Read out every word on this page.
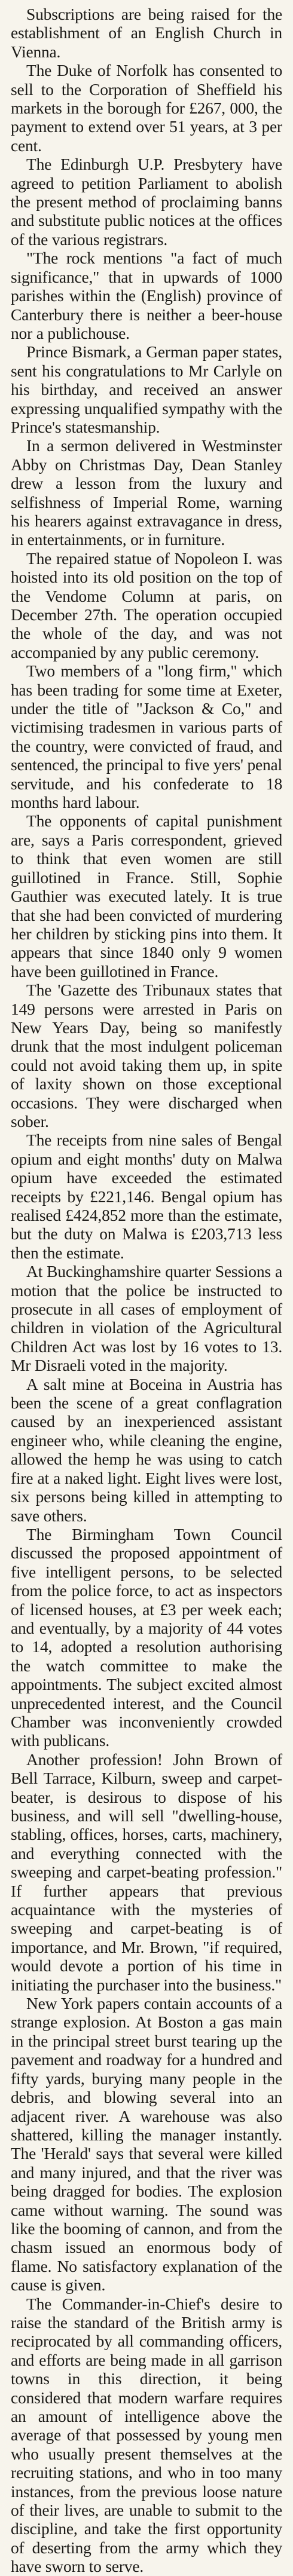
Subscriptions are being raised for the establishment of an English Church in Vienna.

The Duke of Norfolk has consented to sell to the Corporation of Sheffield his markets in the borough for £267, 000, the payment to extend over 51 years, at 3 per cent.

The Edinburgh U.P. Presbytery have agreed to petition Parliament to abolish the present method of proclaiming banns and substitute public notices at the offices of the various registrars.

"The rock mentions "a fact of much significance," that in upwards of 1000 parishes within the (English) province of Canterbury there is neither a beer-house nor a publichouse.

Prince Bismark, a German paper states, sent his congratulations to Mr Carlyle on his birthday, and received an answer expressing unqualified sympathy with the Prince's statesmanship.

In a sermon delivered in Westminster Abby on Christmas Day, Dean Stanley drew a lesson from the luxury and selfishness of Imperial Rome, warning his hearers against extravagance in dress, in entertainments, or in furniture.

The repaired statue of Nopoleon I. was hoisted into its old position on the top of the Vendome Column at paris, on December 27th. The operation occupied the whole of the day, and was not accompanied by any public ceremony.

Two members of a "long firm," which has been trading for some time at Exeter, under the title of "Jackson & Co," and victimising tradesmen in various parts of the country, were convicted of fraud, and sentenced, the principal to five yers' penal servitude, and his confederate to 18 months hard labour.

The opponents of capital punishment are, says a Paris correspondent, grieved to think that even women are still guillotined in France. Still, Sophie Gauthier was executed lately. It is true that she had been convicted of murdering her children by sticking pins into them. It appears that since 1840 only 9 women have been guillotined in France.

The 'Gazette des Tribunaux states that 149 persons were arrested in Paris on New Years Day, being so manifestly drunk that the most indulgent policeman could not avoid taking them up, in spite of laxity shown on those exceptional occasions. They were discharged when sober.

The receipts from nine sales of Bengal opium and eight months' duty on Malwa opium have exceeded the estimated receipts by £221,146. Bengal opium has realised £424,852 more than the estimate, but the duty on Malwa is £203,713 less then the estimate.

At Buckinghamshire quarter Sessions a motion that the police be instructed to prosecute in all cases of employment of children in violation of the Agricultural Children Act was lost by 16 votes to 13. Mr Disraeli voted in the majority.

A salt mine at Boceina in Austria has been the scene of a great conflagration caused by an inexperienced assistant engineer who, while cleaning the engine, allowed the hemp he was using to catch fire at a naked light. Eight lives were lost, six persons being killed in attempting to save others.

The Birmingham Town Council discussed the proposed appointment of five intelligent persons, to be selected from the police force, to act as inspectors of licensed houses, at £3 per week each; and eventually, by a majority of 44 votes to 14, adopted a resolution authorising the watch committee to make the appointments. The subject excited almost unprecedented interest, and the Council Chamber was inconveniently crowded with publicans.

Another profession! John Brown of Bell Tarrace, Kilburn, sweep and carpet-beater, is desirous to dispose of his business, and will sell "dwelling-house, stabling, offices, horses, carts, machinery, and everything connected with the sweeping and carpet-beating profession." If further appears that previous acquaintance with the mysteries of sweeping and carpet-beating is of importance, and Mr. Brown, "if required, would devote a portion of his time in initiating the purchaser into the business."

New York papers contain accounts of a strange explosion. At Boston a gas main in the principal street burst tearing up the pavement and roadway for a hundred and fifty yards, burying many people in the debris, and blowing several into an adjacent river. A warehouse was also shattered, killing the manager instantly. The 'Herald' says that several were killed and many injured, and that the river was being dragged for bodies. The explosion came without warning. The sound was like the booming of cannon, and from the chasm issued an enormous body of flame. No satisfactory explanation of the cause is given.

The Commander-in-Chief's desire to raise the standard of the British army is reciprocated by all commanding officers, and efforts are being made in all garrison towns in this direction, it being considered that modern warfare requires an amount of intelligence above the average of that possessed by young men who usually present themselves at the recruiting stations, and who in too many instances, from the previous loose nature of their lives, are unable to submit to the discipline, and take the first opportunity of deserting from the army which they have sworn to serve.
